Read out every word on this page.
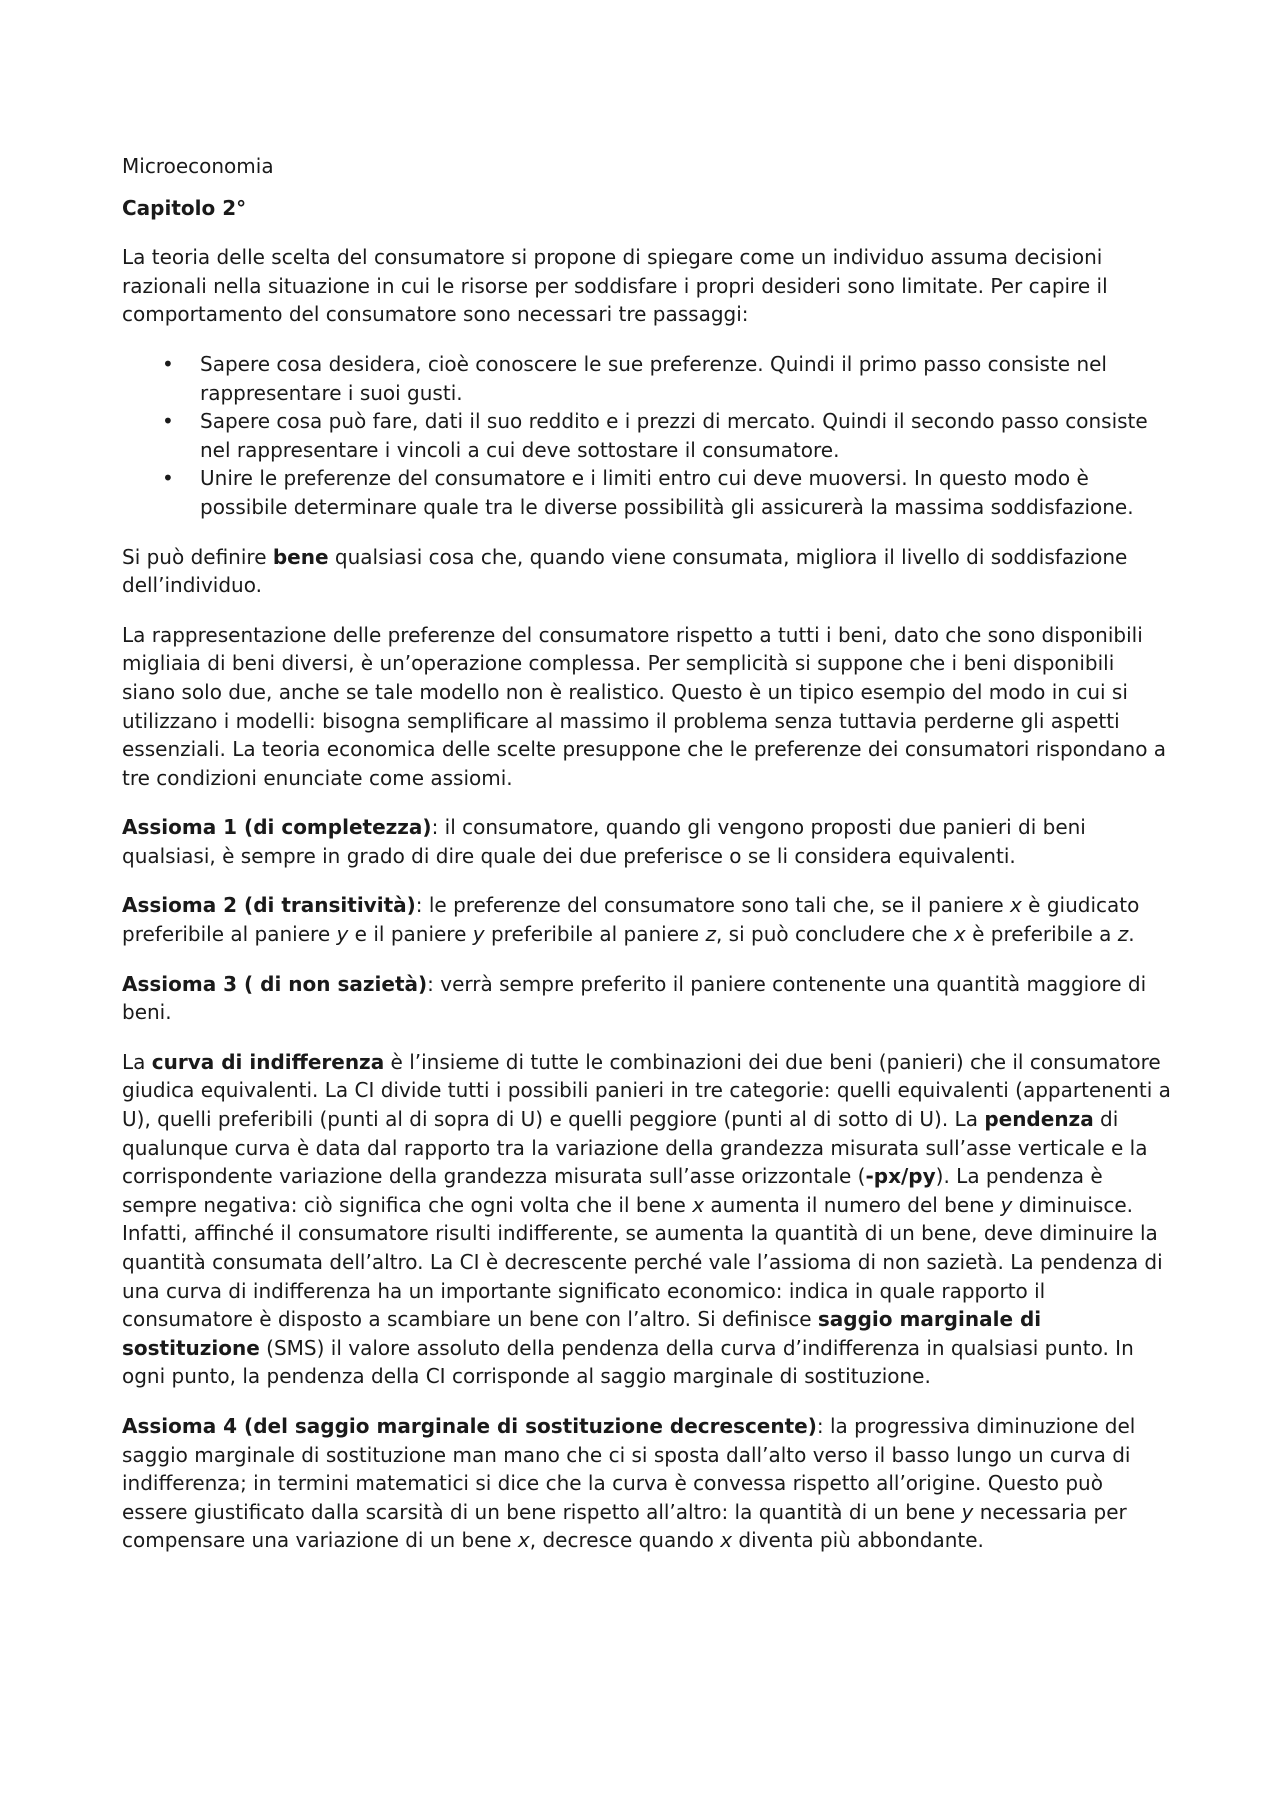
Microeconomia

Capitolo 2°

La teoria delle scelta del consumatore si propone di spiegare come un individuo assuma decisioni razionali nella situazione in cui le risorse per soddisfare i propri desideri sono limitate. Per capire il comportamento del consumatore sono necessari tre passaggi:

• Sapere cosa desidera, cioè conoscere le sue preferenze. Quindi il primo passo consiste nel rappresentare i suoi gusti.
• Sapere cosa può fare, dati il suo reddito e i prezzi di mercato. Quindi il secondo passo consiste nel rappresentare i vincoli a cui deve sottostare il consumatore.
• Unire le preferenze del consumatore e i limiti entro cui deve muoversi. In questo modo è possibile determinare quale tra le diverse possibilità gli assicurerà la massima soddisfazione.

Si può definire bene qualsiasi cosa che, quando viene consumata, migliora il livello di soddisfazione dell’individuo.

La rappresentazione delle preferenze del consumatore rispetto a tutti i beni, dato che sono disponibili migliaia di beni diversi, è un’operazione complessa. Per semplicità si suppone che i beni disponibili siano solo due, anche se tale modello non è realistico. Questo è un tipico esempio del modo in cui si utilizzano i modelli: bisogna semplificare al massimo il problema senza tuttavia perderne gli aspetti essenziali. La teoria economica delle scelte presuppone che le preferenze dei consumatori rispondano a tre condizioni enunciate come assiomi.

Assioma 1 (di completezza): il consumatore, quando gli vengono proposti due panieri di beni qualsiasi, è sempre in grado di dire quale dei due preferisce o se li considera equivalenti.

Assioma 2 (di transitività): le preferenze del consumatore sono tali che, se il paniere x è giudicato preferibile al paniere y e il paniere y preferibile al paniere z, si può concludere che x è preferibile a z.

Assioma 3 ( di non sazietà): verrà sempre preferito il paniere contenente una quantità maggiore di beni.

La curva di indifferenza è l’insieme di tutte le combinazioni dei due beni (panieri) che il consumatore giudica equivalenti. La CI divide tutti i possibili panieri in tre categorie: quelli equivalenti (appartenenti a U), quelli preferibili (punti al di sopra di U) e quelli peggiore (punti al di sotto di U). La pendenza di qualunque curva è data dal rapporto tra la variazione della grandezza misurata sull’asse verticale e la corrispondente variazione della grandezza misurata sull’asse orizzontale (-px/py). La pendenza è sempre negativa: ciò significa che ogni volta che il bene x aumenta il numero del bene y diminuisce. Infatti, affinché il consumatore risulti indifferente, se aumenta la quantità di un bene, deve diminuire la quantità consumata dell’altro. La CI è decrescente perché vale l’assioma di non sazietà. La pendenza di una curva di indifferenza ha un importante significato economico: indica in quale rapporto il consumatore è disposto a scambiare un bene con l’altro. Si definisce saggio marginale di sostituzione (SMS) il valore assoluto della pendenza della curva d’indifferenza in qualsiasi punto. In ogni punto, la pendenza della CI corrisponde al saggio marginale di sostituzione.

Assioma 4 (del saggio marginale di sostituzione decrescente): la progressiva diminuzione del saggio marginale di sostituzione man mano che ci si sposta dall’alto verso il basso lungo un curva di indifferenza; in termini matematici si dice che la curva è convessa rispetto all’origine. Questo può essere giustificato dalla scarsità di un bene rispetto all’altro: la quantità di un bene y necessaria per compensare una variazione di un bene x, decresce quando x diventa più abbondante.
